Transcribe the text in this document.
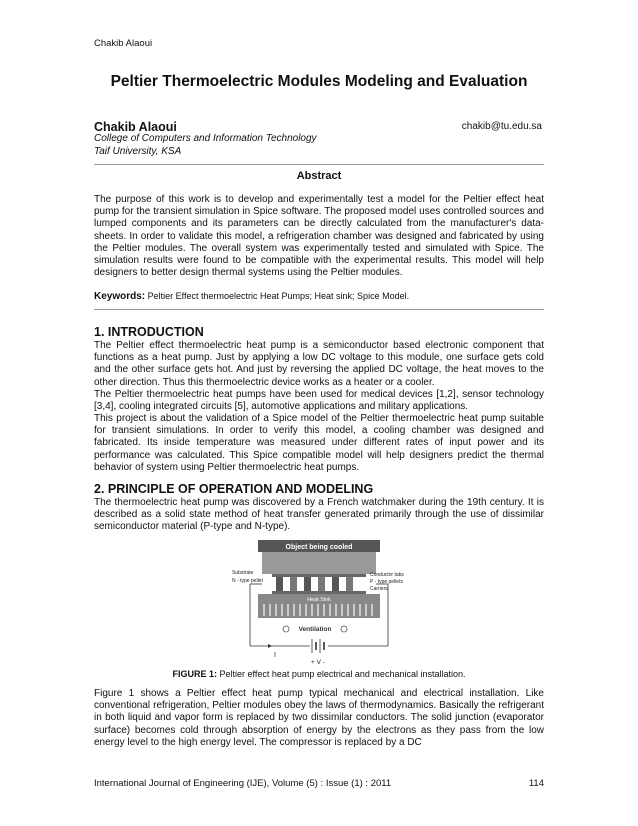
Chakib Alaoui
Peltier Thermoelectric Modules Modeling and Evaluation
Chakib Alaoui	chakib@tu.edu.sa
College of Computers and Information Technology
Taif University, KSA
Abstract
The purpose of this work is to develop and experimentally test a model for the Peltier effect heat pump for the transient simulation in Spice software. The proposed model uses controlled sources and lumped components and its parameters can be directly calculated from the manufacturer's data-sheets. In order to validate this model, a refrigeration chamber was designed and fabricated by using the Peltier modules. The overall system was experimentally tested and simulated with Spice. The simulation results were found to be compatible with the experimental results. This model will help designers to better design thermal systems using the Peltier modules.
Keywords: Peltier Effect thermoelectric Heat Pumps; Heat sink; Spice Model.
1. INTRODUCTION
The Peltier effect thermoelectric heat pump is a semiconductor based electronic component that functions as a heat pump. Just by applying a low DC voltage to this module, one surface gets cold and the other surface gets hot. And just by reversing the applied DC voltage, the heat moves to the other direction. Thus this thermoelectric device works as a heater or a cooler.
The Peltier thermoelectric heat pumps have been used for medical devices [1,2], sensor technology [3,4], cooling integrated circuits [5], automotive applications and military applications.
This project is about the validation of a Spice model of the Peltier thermoelectric heat pump suitable for transient simulations. In order to verify this model, a cooling chamber was designed and fabricated. Its inside temperature was measured under different rates of input power and its performance was calculated. This Spice compatible model will help designers predict the thermal behavior of system using Peltier thermoelectric heat pumps.
2. PRINCIPLE OF OPERATION AND MODELING
The thermoelectric heat pump was discovered by a French watchmaker during the 19th century. It is described as a solid state method of heat transfer generated primarily through the use of dissimilar semiconductor material (P-type and N-type).
Object being cooled
Substrate
N - type pellet
Conductor tabs
P - type pellets
Carriers
Heat Sink
Ventilation
I
+ V -
FIGURE 1: Peltier effect heat pump electrical and mechanical installation.
Figure 1 shows a Peltier effect heat pump typical mechanical and electrical installation. Like conventional refrigeration, Peltier modules obey the laws of thermodynamics. Basically the refrigerant in both liquid and vapor form is replaced by two dissimilar conductors. The solid junction (evaporator surface) becomes cold through absorption of energy by the electrons as they pass from the low energy level to the high energy level. The compressor is replaced by a DC
International Journal of Engineering (IJE), Volume (5) : Issue (1) : 2011	114
